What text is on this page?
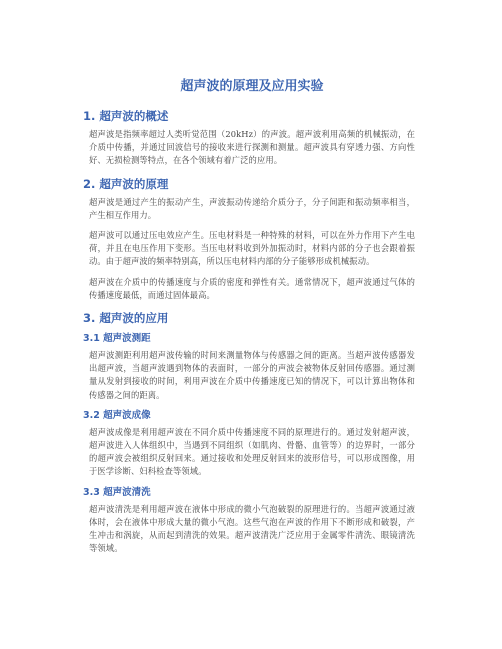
超声波的原理及应用实验
1. 超声波的概述

超声波是指频率超过人类听觉范围（20kHz）的声波。超声波利用高频的机械振动，在介质中传播，并通过回波信号的接收来进行探测和测量。超声波具有穿透力强、方向性好、无损检测等特点，在各个领域有着广泛的应用。

2. 超声波的原理

超声波是通过产生的振动产生，声波振动传递给介质分子，分子间距和振动频率相当，产生相互作用力。

超声波可以通过压电效应产生。压电材料是一种特殊的材料，可以在外力作用下产生电荷，并且在电压作用下变形。当压电材料收到外加振动时，材料内部的分子也会跟着振动。由于超声波的频率特别高，所以压电材料内部的分子能够形成机械振动。

超声波在介质中的传播速度与介质的密度和弹性有关。通常情况下，超声波通过气体的传播速度最低，而通过固体最高。

3. 超声波的应用
3.1 超声波测距

超声波测距利用超声波传输的时间来测量物体与传感器之间的距离。当超声波传感器发出超声波，当超声波遇到物体的表面时，一部分的声波会被物体反射回传感器。通过测量从发射到接收的时间，利用声波在介质中传播速度已知的情况下，可以计算出物体和传感器之间的距离。

3.2 超声波成像

超声波成像是利用超声波在不同介质中传播速度不同的原理进行的。通过发射超声波，超声波进入人体组织中，当遇到不同组织（如肌肉、骨骼、血管等）的边界时，一部分的超声波会被组织反射回来。通过接收和处理反射回来的波形信号，可以形成图像，用于医学诊断、妇科检查等领域。

3.3 超声波清洗

超声波清洗是利用超声波在液体中形成的微小气泡破裂的原理进行的。当超声波通过液体时，会在液体中形成大量的微小气泡。这些气泡在声波的作用下不断形成和破裂，产生冲击和涡旋，从而起到清洗的效果。超声波清洗广泛应用于金属零件清洗、眼镜清洗等领域。
